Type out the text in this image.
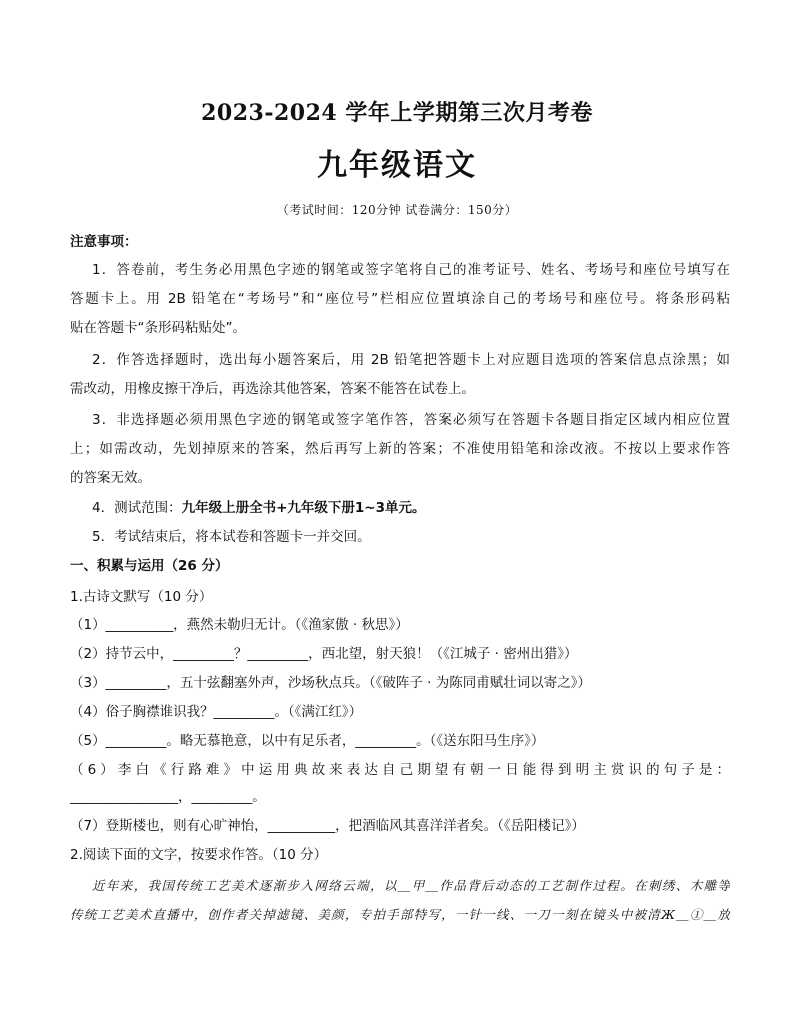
2023-2024 学年上学期第三次月考卷
九年级语文
（考试时间：120分钟 试卷满分：150分）
注意事项：
1．答卷前，考生务必用黑色字迹的钢笔或签字笔将自己的准考证号、姓名、考场号和座位号填写在
答题卡上。用 2B 铅笔在“考场号”和“座位号”栏相应位置填涂自己的考场号和座位号。将条形码粘
贴在答题卡“条形码粘贴处”。
2．作答选择题时，选出每小题答案后，用 2B 铅笔把答题卡上对应题目选项的答案信息点涂黑；如
需改动，用橡皮擦干净后，再选涂其他答案，答案不能答在试卷上。
3．非选择题必须用黑色字迹的钢笔或签字笔作答，答案必须写在答题卡各题目指定区域内相应位置
上；如需改动，先划掉原来的答案，然后再写上新的答案；不准使用铅笔和涂改液。不按以上要求作答
的答案无效。
4．测试范围：九年级上册全书+九年级下册1~3单元。
5．考试结束后，将本试卷和答题卡一并交回。
一、积累与运用（26 分）
1.古诗文默写（10 分）
（1）__________，燕然未勒归无计。（《渔家傲 · 秋思》）
（2）持节云中，_________？_________，西北望，射天狼！（《江城子 · 密州出猎》）
（3）_________，五十弦翻塞外声，沙场秋点兵。（《破阵子 · 为陈同甫赋壮词以寄之》）
（4）俗子胸襟谁识我？_________。（《满江红》）
（5）_________。略无慕艳意，以中有足乐者，_________。（《送东阳马生序》）
（6）李白《行路难》中运用典故来表达自己期望有朝一日能得到明主赏识的句子是：
________________，_________。
（7）登斯楼也，则有心旷神怡，__________，把酒临风其喜洋洋者矣。（《岳阳楼记》）
2.阅读下面的文字，按要求作答。（10 分）
近年来，我国传统工艺美术逐渐步入网络云端，以＿甲＿作品背后动态的工艺制作过程。在刺绣、木雕等
传统工艺美术直播中，创作者关掉滤镜、美颜，专拍手部特写，一针一线、一刀一刻在镜头中被清Ж＿①＿放
